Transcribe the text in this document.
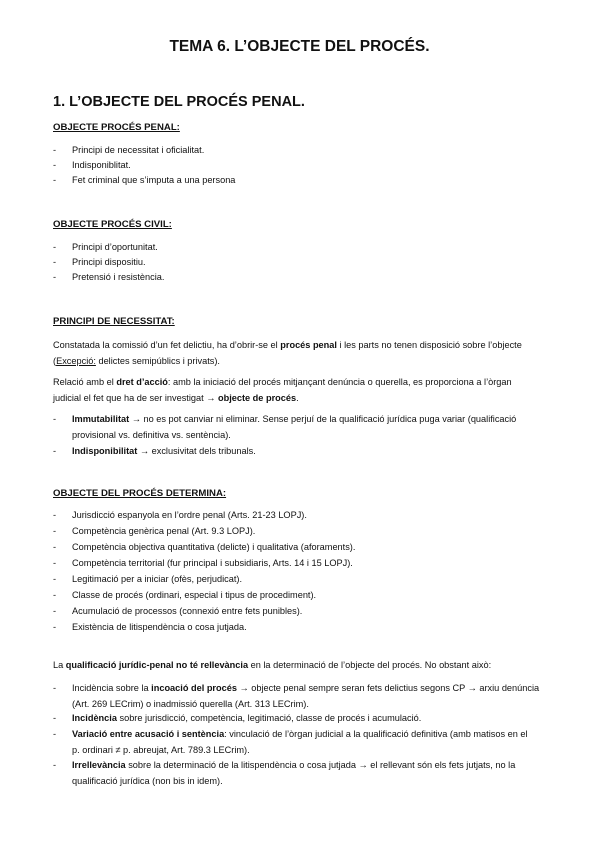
TEMA 6. L’OBJECTE DEL PROCÉS.
1. L’OBJECTE DEL PROCÉS PENAL.
OBJECTE PROCÉS PENAL:
- Principi de necessitat i oficialitat.
- Indisponiblitat.
- Fet criminal que s’imputa a una persona
OBJECTE PROCÉS CIVIL:
- Principi d’oportunitat.
- Principi dispositiu.
- Pretensió i resistència.
PRINCIPI DE NECESSITAT:
Constatada la comissió d’un fet delictiu, ha d’obrir-se el procés penal i les parts no tenen disposició sobre l’objecte
(Excepció: delictes semipúblics i privats).
Relació amb el dret d’acció: amb la iniciació del procés mitjançant denúncia o querella, es proporciona a l’òrgan
judicial el fet que ha de ser investigat → objecte de procés.
- Immutabilitat → no es pot canviar ni eliminar. Sense perjuí de la qualificació jurídica puga variar (qualificació
provisional vs. definitiva vs. sentència).
- Indisponibilitat → exclusivitat dels tribunals.
OBJECTE DEL PROCÉS DETERMINA:
- Jurisdicció espanyola en l’ordre penal (Arts. 21-23 LOPJ).
- Competència genèrica penal (Art. 9.3 LOPJ).
- Competència objectiva quantitativa (delicte) i qualitativa (aforaments).
- Competència territorial (fur principal i subsidiaris, Arts. 14 i 15 LOPJ).
- Legitimació per a iniciar (ofès, perjudicat).
- Classe de procés (ordinari, especial i tipus de procediment).
- Acumulació de processos (connexió entre fets punibles).
- Existència de litispendència o cosa jutjada.
La qualificació jurídic-penal no té rellevància en la determinació de l’objecte del procés. No obstant això:
- Incidència sobre la incoació del procés → objecte penal sempre seran fets delictius segons CP → arxiu denúncia
(Art. 269 LECrim) o inadmissió querella (Art. 313 LECrim).
- Incidència sobre jurisdicció, competència, legitimació, classe de procés i acumulació.
- Variació entre acusació i sentència: vinculació de l’òrgan judicial a la qualificació definitiva (amb matisos en el
p. ordinari ≠ p. abreujat, Art. 789.3 LECrim).
- Irrellevància sobre la determinació de la litispendència o cosa jutjada → el rellevant són els fets jutjats, no la
qualificació jurídica (non bis in idem).
